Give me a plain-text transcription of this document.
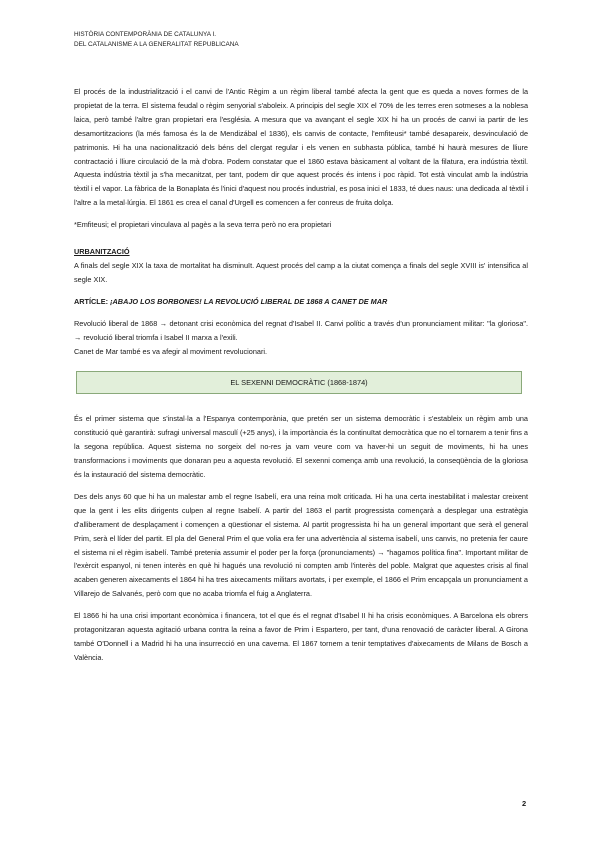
HISTÒRIA CONTEMPORÀNIA DE CATALUNYA I.
DEL CATALANISME A LA GENERALITAT REPUBLICANA

El procés de la industrialització i el canvi de l'Antic Règim a un règim liberal també afecta la gent que es queda a noves formes de la propietat de la terra. El sistema feudal o règim senyorial s'aboleix. A principis del segle XIX el 70% de les terres eren sotmeses a la noblesa laica, però també l'altre gran propietari era l'església. A mesura que va avançant el segle XIX hi ha un procés de canvi ia partir de les desamortitzacions (la més famosa és la de Mendizábal el 1836), els canvis de contacte, l'emfiteusi* també desapareix, desvinculació de patrimonis. Hi ha una nacionalització dels béns del clergat regular i els venen en subhasta pública, també hi haurà mesures de lliure contractació i lliure circulació de la mà d'obra. Podem constatar que el 1860 estava bàsicament al voltant de la filatura, era indústria tèxtil. Aquesta indústria tèxtil ja s'ha mecanitzat, per tant, podem dir que aquest procés és intens i poc ràpid. Tot està vinculat amb la indústria tèxtil i el vapor. La fàbrica de la Bonaplata és l'inici d'aquest nou procés industrial, es posa inici el 1833, té dues naus: una dedicada al tèxtil i l'altre a la metal·lúrgia. El 1861 es crea el canal d'Urgell es comencen a fer conreus de fruita dolça.

*Emfiteusi; el propietari vinculava al pagès a la seva terra però no era propietari

URBANITZACIÓ

A finals del segle XIX la taxa de mortalitat ha disminuït. Aquest procés del camp a la ciutat comença a finals del segle XVIII is' intensifica al segle XIX.

ARTÍCLE: ¡ABAJO LOS BORBONES! LA REVOLUCIÓ LIBERAL DE 1868 A CANET DE MAR

Revolució liberal de 1868 → detonant crisi econòmica del regnat d'Isabel II. Canvi polític a través d'un pronunciament militar: "la gloriosa". → revolució liberal triomfa i Isabel II marxa a l'exili.

Canet de Mar també es va afegir al moviment revolucionari.

EL SEXENNI DEMOCRÀTIC (1868-1874)

És el primer sistema que s'instal·la a l'Espanya contemporània, que pretén ser un sistema democràtic i s'estableix un règim amb una constitució què garantirà: sufragi universal masculí (+25 anys), i la importància és la continuïtat democràtica que no el tornarem a tenir fins a la segona república. Aquest sistema no sorgeix del no-res ja vam veure com va haver-hi un seguit de moviments, hi ha unes transformacions i moviments que donaran peu a aquesta revolució. El sexenni comença amb una revolució, la conseqüència de la gloriosa és la instauració del sistema democràtic.

Des dels anys 60 que hi ha un malestar amb el regne Isabelí, era una reina molt criticada. Hi ha una certa inestabilitat i malestar creixent que la gent i les elits dirigents culpen al regne Isabelí. A partir del 1863 el partit progressista començarà a desplegar una estratègia d'alliberament de desplaçament i començen a qüestionar el sistema. Al partit progressista hi ha un general important que serà el general Prim, serà el líder del partit. El pla del General Prim el que volia era fer una advertència al sistema isabelí, uns canvis, no pretenia fer caure el sistema ni el règim isabelí. També pretenia assumir el poder per la força (pronunciaments) → "hagamos política fina". Important militar de l'exèrcit espanyol, ni tenen interès en què hi hagués una revolució ni compten amb l'interès del poble. Malgrat que aquestes crisis al final acaben generen aixecaments el 1864 hi ha tres aixecaments militars avortats, i per exemple, el 1866 el Prim encapçala un pronunciament a Villarejo de Salvanés, però com que no acaba triomfa el fuig a Anglaterra.

El 1866 hi ha una crisi important econòmica i financera, tot el que és el regnat d'Isabel II hi ha crisis econòmiques. A Barcelona els obrers protagonitzaran aquesta agitació urbana contra la reina a favor de Prim i Espartero, per tant, d'una renovació de caràcter liberal. A Girona també O'Donnell i a Madrid hi ha una insurrecció en una caverna. El 1867 tornem a tenir temptatives d'aixecaments de Milans de Bosch a València.

2
